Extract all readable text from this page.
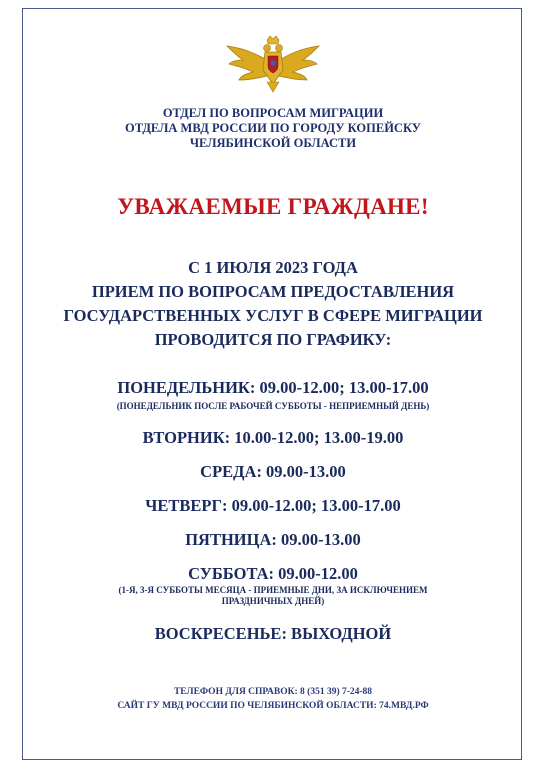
ОТДЕЛ ПО ВОПРОСАМ МИГРАЦИИ
ОТДЕЛА МВД РОССИИ ПО ГОРОДУ КОПЕЙСКУ
ЧЕЛЯБИНСКОЙ ОБЛАСТИ
УВАЖАЕМЫЕ ГРАЖДАНЕ!
С 1 ИЮЛЯ 2023 ГОДА
ПРИЕМ ПО ВОПРОСАМ ПРЕДОСТАВЛЕНИЯ
ГОСУДАРСТВЕННЫХ УСЛУГ В СФЕРЕ МИГРАЦИИ
ПРОВОДИТСЯ ПО ГРАФИКУ:
ПОНЕДЕЛЬНИК: 09.00-12.00; 13.00-17.00
(ПОНЕДЕЛЬНИК ПОСЛЕ РАБОЧЕЙ СУББОТЫ - НЕПРИЕМНЫЙ ДЕНЬ)
ВТОРНИК: 10.00-12.00; 13.00-19.00
СРЕДА: 09.00-13.00
ЧЕТВЕРГ: 09.00-12.00; 13.00-17.00
ПЯТНИЦА: 09.00-13.00
СУББОТА: 09.00-12.00
(1-Я, 3-Я СУББОТЫ МЕСЯЦА - ПРИЕМНЫЕ ДНИ, ЗА ИСКЛЮЧЕНИЕМ
ПРАЗДНИЧНЫХ ДНЕЙ)
ВОСКРЕСЕНЬЕ: ВЫХОДНОЙ
ТЕЛЕФОН ДЛЯ СПРАВОК: 8 (351 39) 7-24-88
САЙТ ГУ МВД РОССИИ ПО ЧЕЛЯБИНСКОЙ ОБЛАСТИ: 74.МВД.РФ
